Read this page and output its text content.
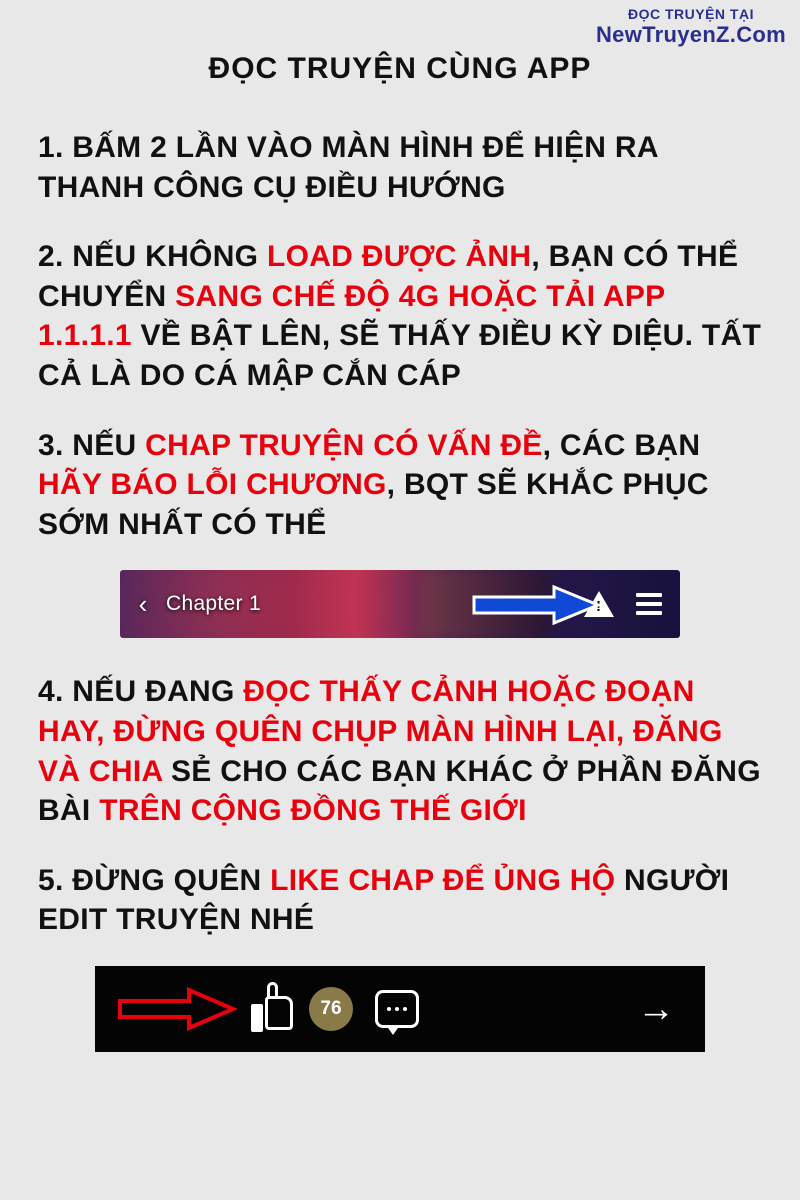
ĐỌC TRUYỆN TẠI
NewTruyenZ.Com
ĐỌC TRUYỆN CÙNG APP
1. BẤM 2 LẦN VÀO MÀN HÌNH ĐỂ HIỆN RA THANH CÔNG CỤ ĐIỀU HƯỚNG
2. NẾU KHÔNG LOAD ĐƯỢC ẢNH, BẠN CÓ THỂ CHUYỂN SANG CHẾ ĐỘ 4G HOẶC TẢI APP 1.1.1.1 VỀ BẬT LÊN, SẼ THẤY ĐIỀU KỲ DIỆU. TẤT CẢ LÀ DO CÁ MẬP CẮN CÁP
3. NẾU CHAP TRUYỆN CÓ VẤN ĐỀ, CÁC BẠN HÃY BÁO LỖI CHƯƠNG, BQT SẼ KHẮC PHỤC SỚM NHẤT CÓ THỂ
‹ Chapter 1
!
4. NẾU ĐANG ĐỌC THẤY CẢNH HOẶC ĐOẠN HAY, ĐỪNG QUÊN CHỤP MÀN HÌNH LẠI, ĐĂNG VÀ CHIA SẺ CHO CÁC BẠN KHÁC Ở PHẦN ĐĂNG BÀI TRÊN CỘNG ĐỒNG THẾ GIỚI
5. ĐỪNG QUÊN LIKE CHAP ĐỂ ỦNG HỘ NGƯỜI EDIT TRUYỆN NHÉ
76	→
